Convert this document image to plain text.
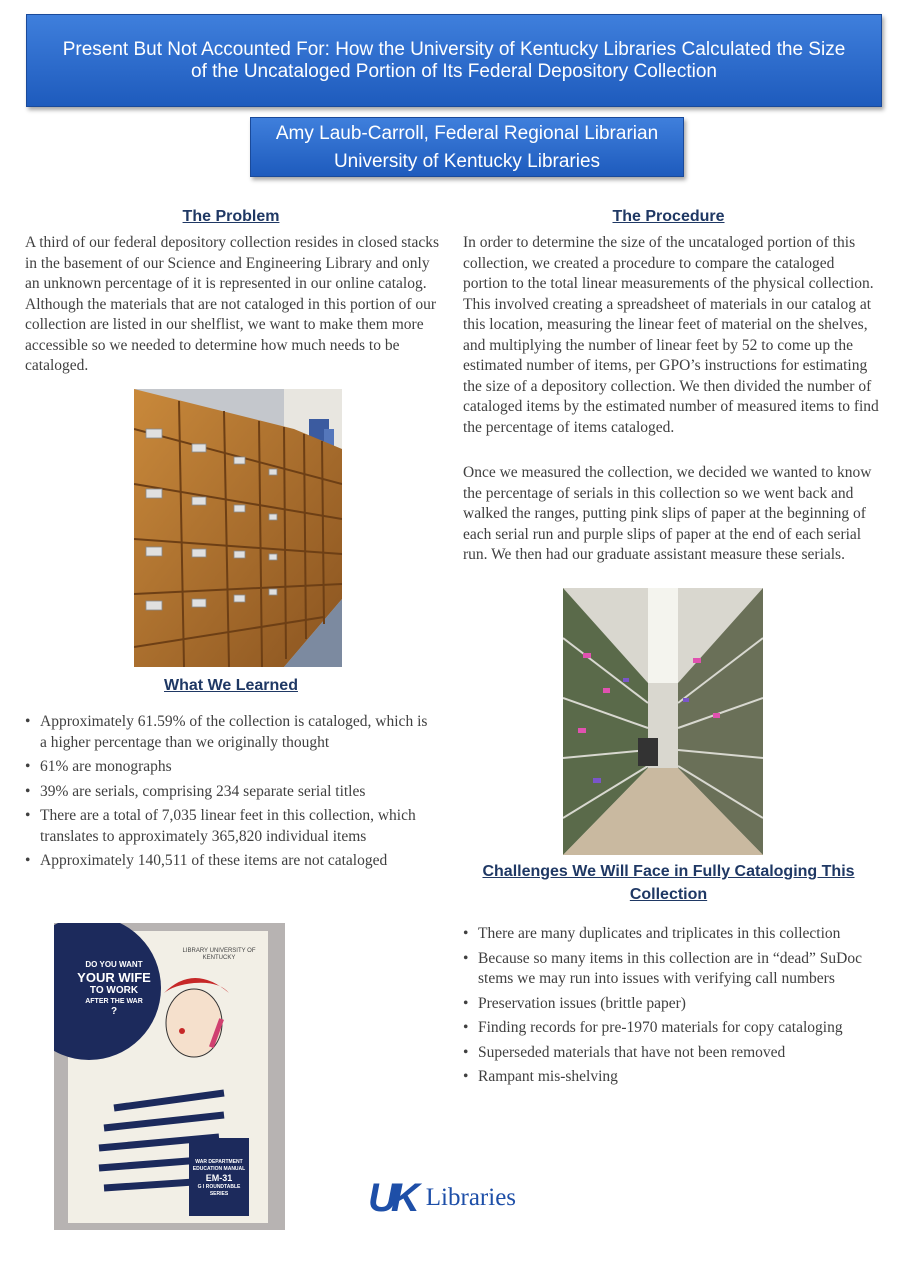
Present But Not Accounted For: How the University of Kentucky Libraries Calculated the Size
of the Uncataloged Portion of Its Federal Depository Collection
Amy Laub-Carroll, Federal Regional Librarian
University of Kentucky Libraries
The Problem

A third of our federal depository collection resides in closed stacks in the basement of our Science and Engineering Library and only an unknown percentage of it is represented in our online catalog. Although the materials that are not cataloged in this portion of our collection are listed in our shelflist, we want to make them more accessible so we needed to determine how much needs to be cataloged.

The Procedure

In order to determine the size of the uncataloged portion of this collection, we created a procedure to compare the cataloged portion to the total linear measurements of the physical collection. This involved creating a spreadsheet of materials in our catalog at this location, measuring the linear feet of material on the shelves, and multiplying the number of linear feet by 52 to come up the estimated number of items, per GPO’s instructions for estimating the size of a depository collection. We then divided the number of cataloged items by the estimated number of measured items to find the percentage of items cataloged.

Once we measured the collection, we decided we wanted to know the percentage of serials in this collection so we went back and walked the ranges, putting pink slips of paper at the beginning of each serial run and purple slips of paper at the end of each serial run. We then had our graduate assistant measure these serials.

What We Learned
• Approximately 61.59% of the collection is cataloged, which is a higher percentage than we originally thought
• 61% are monographs
• 39% are serials, comprising 234 separate serial titles
• There are a total of 7,035 linear feet in this collection, which translates to approximately 365,820 individual items
• Approximately 140,511 of these items are not cataloged
Challenges We Will Face in Fully Cataloging This Collection
• There are many duplicates and triplicates in this collection
• Because so many items in this collection are in “dead” SuDoc stems we may run into issues with verifying call numbers
• Preservation issues (brittle paper)
• Finding records for pre-1970 materials for copy cataloging
• Superseded materials that have not been removed
• Rampant mis-shelving
LIBRARY UNIVERSITY OF KENTUCKY
DO YOU WANT
YOUR WIFE
TO WORK
AFTER THE WAR
?
WAR DEPARTMENT
EDUCATION MANUAL
EM-31
G I ROUNDTABLE
SERIES	UK Libraries
